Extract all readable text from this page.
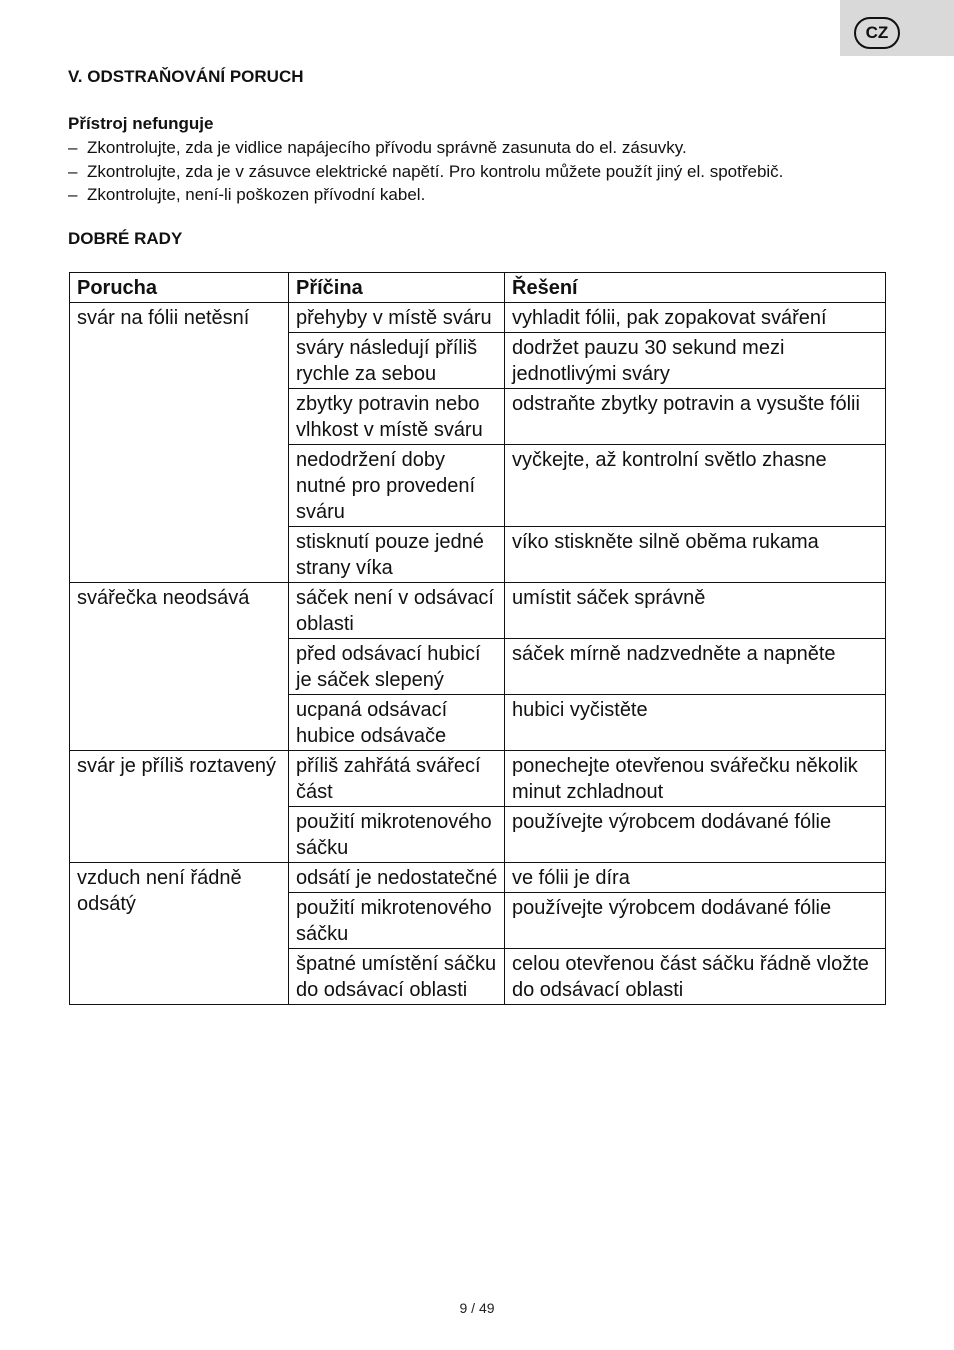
CZ
V. ODSTRAŇOVÁNÍ PORUCH
Přístroj nefunguje
– Zkontrolujte, zda je vidlice napájecího přívodu správně zasunuta do el. zásuvky.
– Zkontrolujte, zda je v zásuvce elektrické napětí. Pro kontrolu můžete použít jiný el. spotřebič.
– Zkontrolujte, není-li poškozen přívodní kabel.
DOBRÉ RADY
Porucha	Příčina	Řešení
svár na fólii netěsní	přehyby v místě sváru	vyhladit fólii, pak zopakovat sváření
	sváry následují příliš rychle za sebou	dodržet pauzu 30 sekund mezi jednotlivými sváry
	zbytky potravin nebo vlhkost v místě sváru	odstraňte zbytky potravin a vysušte fólii
	nedodržení doby nutné pro provedení sváru	vyčkejte, až kontrolní světlo zhasne
	stisknutí pouze jedné strany víka	víko stiskněte silně oběma rukama
svářečka neodsává	sáček není v odsávací oblasti	umístit sáček správně
	před odsávací hubicí je sáček slepený	sáček mírně nadzvedněte a napněte
	ucpaná odsávací hubice odsávače	hubici vyčistěte
svár je příliš roztavený	příliš zahřátá svářecí část	ponechejte otevřenou svářečku několik minut zchladnout
	použití mikrotenového sáčku	používejte výrobcem dodávané fólie
vzduch není řádně odsátý	odsátí je nedostatečné	ve fólii je díra
	použití mikrotenového sáčku	používejte výrobcem dodávané fólie
	špatné umístění sáčku do odsávací oblasti	celou otevřenou část sáčku řádně vložte do odsávací oblasti
9 / 49
